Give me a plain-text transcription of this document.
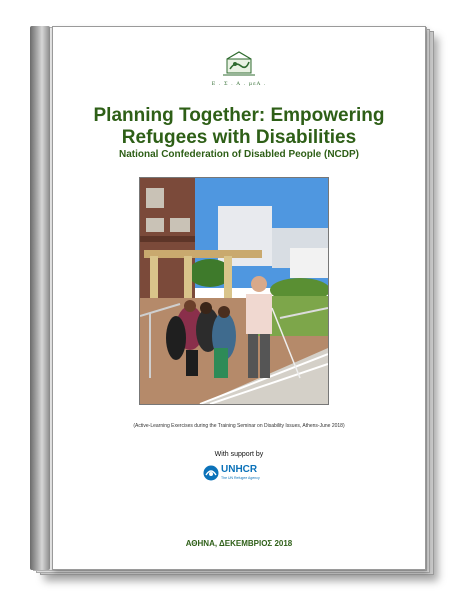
Ε . Σ . Α . μεΑ .
Planning Together: Empowering Refugees with Disabilities
National Confederation of Disabled People (NCDP)
(Active-Learning Exercises during the Training Seminar on Disability Issues, Athens-June 2018)
With support by
UNHCR
The UN Refugee Agency
ΑΘΗΝΑ, ΔΕΚΕΜΒΡΙΟΣ 2018
